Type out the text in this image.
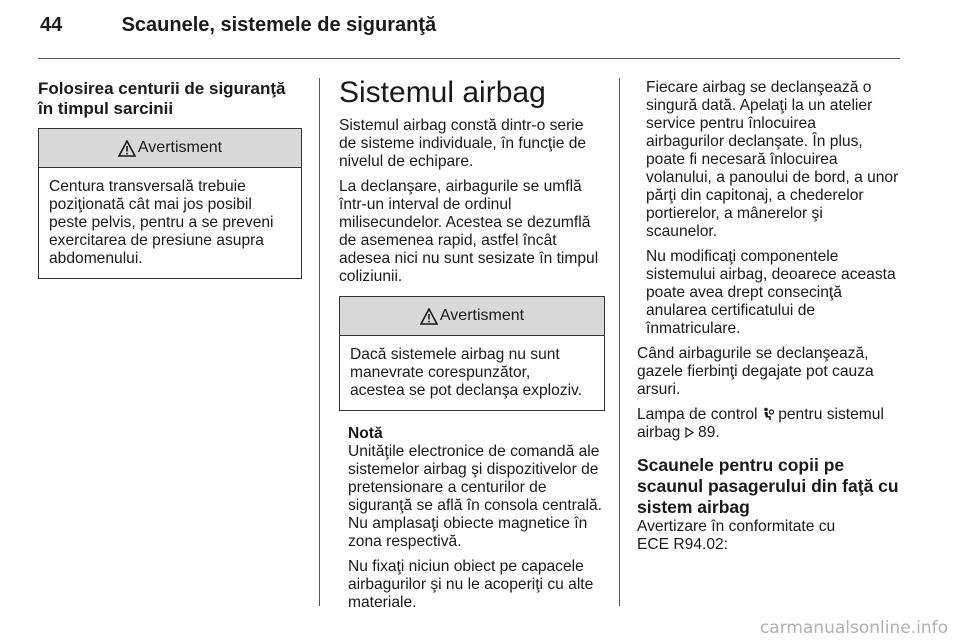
44	Scaunele, sistemele de siguranţă
Folosirea centurii de siguranţă
în timpul sarcinii
Avertisment
Centura transversală trebuie
poziţionată cât mai jos posibil
peste pelvis, pentru a se preveni
exercitarea de presiune asupra
abdomenului.
Sistemul airbag

Sistemul airbag constă dintr-o serie
de sisteme individuale, în funcţie de
nivelul de echipare.

La declanşare, airbagurile se umflă
într-un interval de ordinul
milisecundelor. Acestea se dezumflă
de asemenea rapid, astfel încât
adesea nici nu sunt sesizate în timpul
coliziunii.

Avertisment
Dacă sistemele airbag nu sunt
manevrate corespunzător,
acestea se pot declanşa exploziv.
Notă

Unităţile electronice de comandă ale
sistemelor airbag şi dispozitivelor de
pretensionare a centurilor de
siguranţă se află în consola centrală.
Nu amplasaţi obiecte magnetice în
zona respectivă.

Nu fixaţi niciun obiect pe capacele
airbagurilor şi nu le acoperiţi cu alte
materiale.

Fiecare airbag se declanşează o
singură dată. Apelaţi la un atelier
service pentru înlocuirea
airbagurilor declanşate. În plus,
poate fi necesară înlocuirea
volanului, a panoului de bord, a unor
părţi din capitonaj, a chederelor
portierelor, a mânerelor şi
scaunelor.

Nu modificaţi componentele
sistemului airbag, deoarece aceasta
poate avea drept consecinţă
anularea certificatului de
înmatriculare.

Când airbagurile se declanşează,
gazele fierbinţi degajate pot cauza
arsuri.

Lampa de control pentru sistemul
airbag 89.

Scaunele pentru copii pe
scaunul pasagerului din faţă cu
sistem airbag

Avertizare în conformitate cu
ECE R94.02:

carmanualsonline.info
